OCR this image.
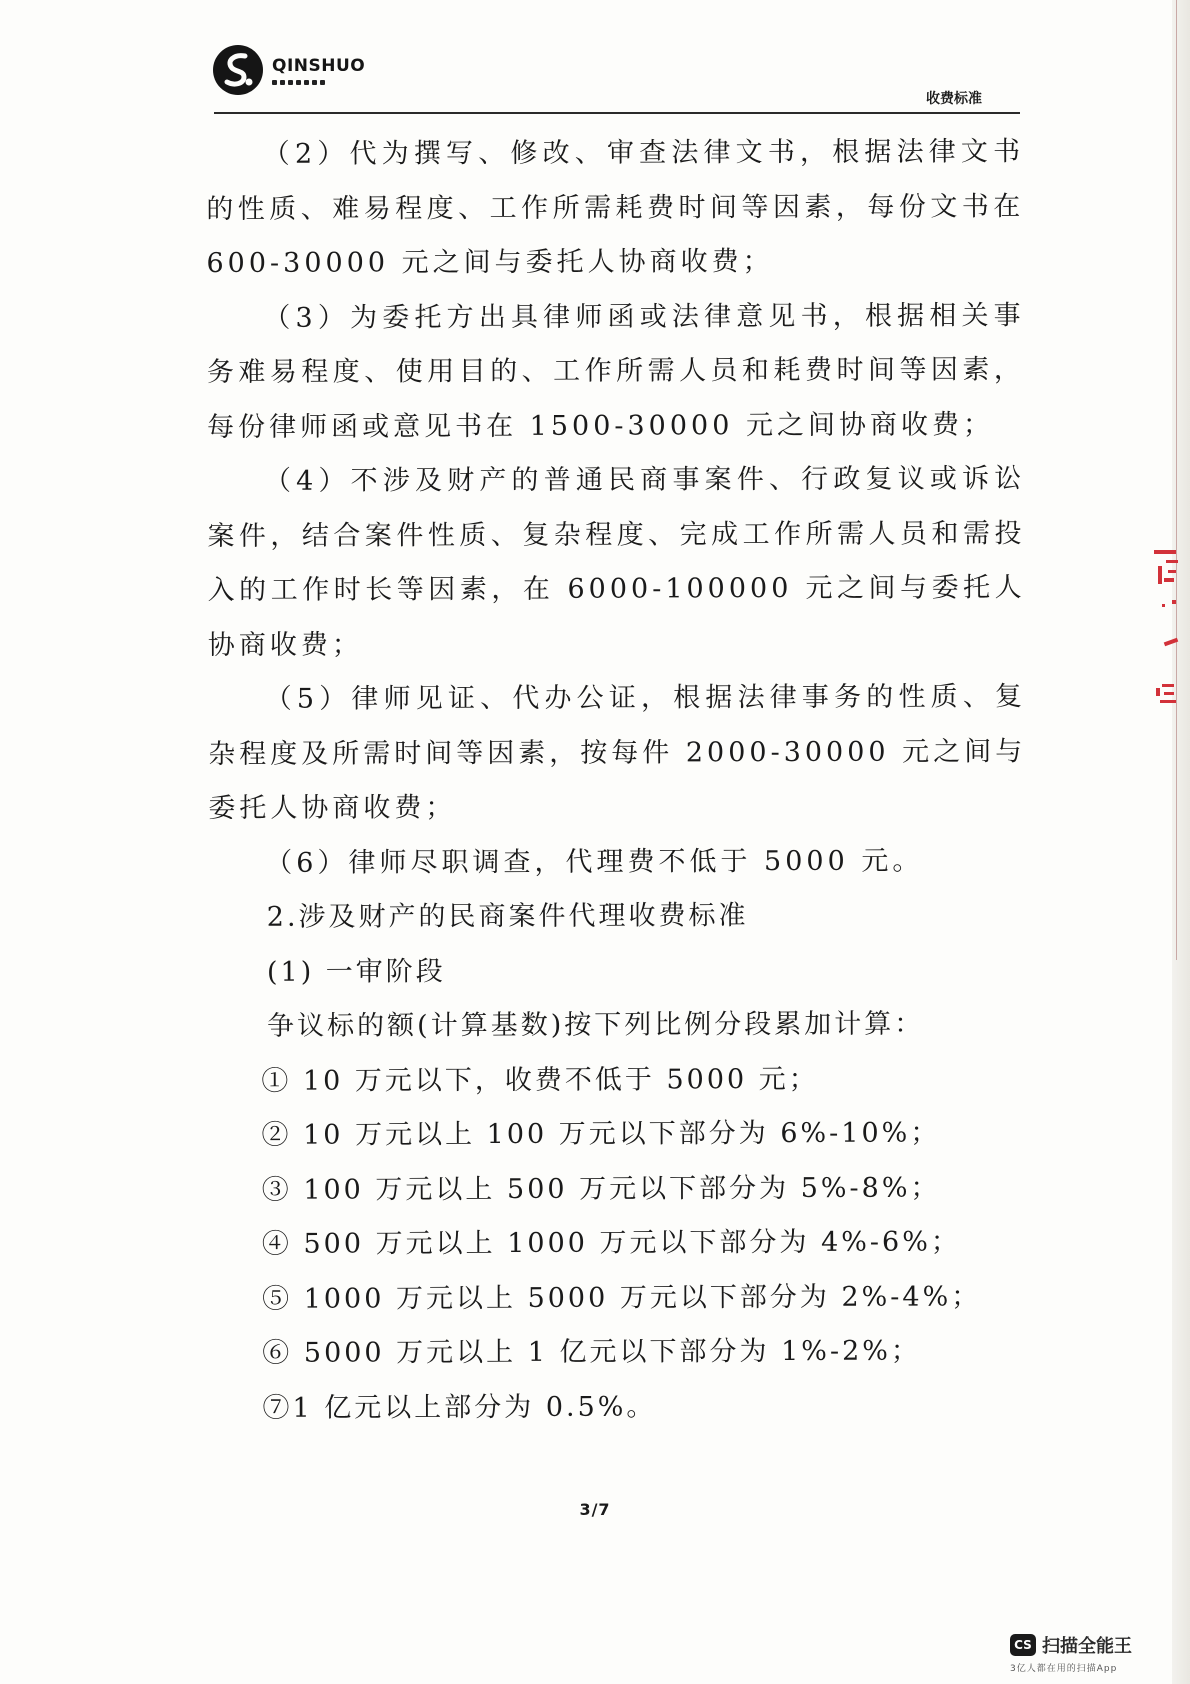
QINSHUO
收费标准

（2）代为撰写、修改、审查法律文书，根据法律文书的性质、难易程度、工作所需耗费时间等因素，每份文书在 600-30000 元之间与委托人协商收费；

（3）为委托方出具律师函或法律意见书，根据相关事务难易程度、使用目的、工作所需人员和耗费时间等因素，每份律师函或意见书在 1500-30000 元之间协商收费；

（4）不涉及财产的普通民商事案件、行政复议或诉讼案件，结合案件性质、复杂程度、完成工作所需人员和需投入的工作时长等因素，在 6000-100000 元之间与委托人协商收费；

（5）律师见证、代办公证，根据法律事务的性质、复杂程度及所需时间等因素，按每件 2000-30000 元之间与委托人协商收费；

（6）律师尽职调查，代理费不低于 5000 元。

2.涉及财产的民商案件代理收费标准

(1) 一审阶段

争议标的额(计算基数)按下列比例分段累加计算：

① 10 万元以下，收费不低于 5000 元；

② 10 万元以上 100 万元以下部分为 6%-10%；

③ 100 万元以上 500 万元以下部分为 5%-8%；

④ 500 万元以上 1000 万元以下部分为 4%-6%；

⑤ 1000 万元以上 5000 万元以下部分为 2%-4%；

⑥ 5000 万元以上 1 亿元以下部分为 1%-2%；

⑦1 亿元以上部分为 0.5%。

3/7
CS 扫描全能王
3亿人都在用的扫描App
